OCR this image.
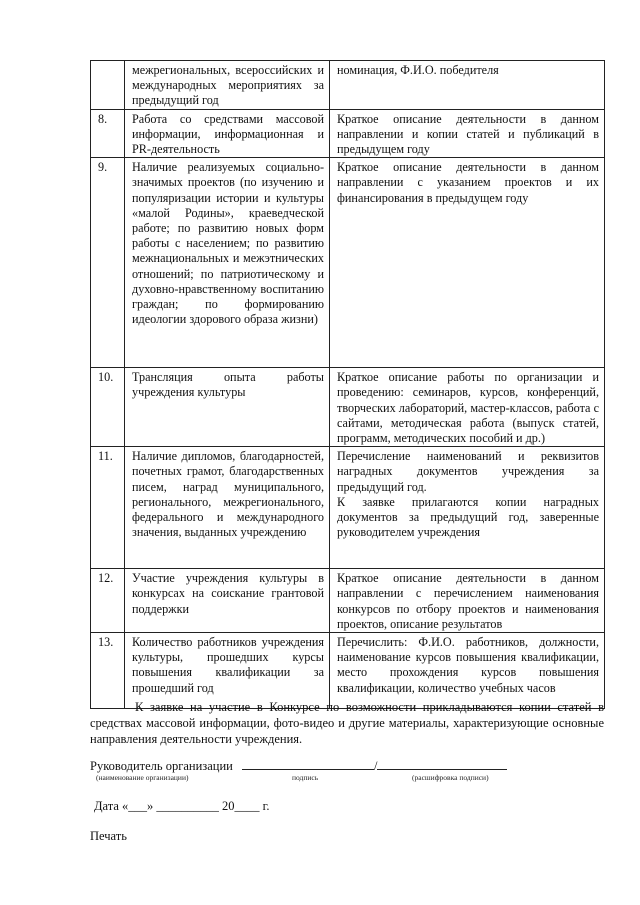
	межрегиональных, всероссийских и международных мероприятиях за предыдущий год	номинация, Ф.И.О. победителя
8.	Работа со средствами массовой информации, информационная и PR-деятельность	Краткое описание деятельности в данном направлении и копии статей и публикаций в предыдущем году
9.	Наличие реализуемых социально-значимых проектов (по изучению и популяризации истории и культуры «малой Родины», краеведческой работе; по развитию новых форм работы с населением; по развитию межнациональных и межэтнических отношений; по патриотическому и духовно-нравственному воспитанию граждан; по формированию идеологии здорового образа жизни)	Краткое описание деятельности в данном направлении с указанием проектов и их финансирования в предыдущем году
10.	Трансляция опыта работы учреждения культуры	Краткое описание работы по организации и проведению: семинаров, курсов, конференций, творческих лабораторий, мастер-классов, работа с сайтами, методическая работа (выпуск статей, программ, методических пособий и др.)
11.	Наличие дипломов, благодарностей, почетных грамот, благодарственных писем, наград муниципального, регионального, межрегионального, федерального и международного значения, выданных учреждению	Перечисление наименований и реквизитов наградных документов учреждения за предыдущий год.
К заявке прилагаются копии наградных документов за предыдущий год, заверенные руководителем учреждения
12.	Участие учреждения культуры в конкурсах на соискание грантовой поддержки	Краткое описание деятельности в данном направлении с перечислением наименования конкурсов по отбору проектов и наименования проектов, описание результатов
13.	Количество работников учреждения культуры, прошедших курсы повышения квалификации за прошедший год	Перечислить: Ф.И.О. работников, должности, наименование курсов повышения квалификации, место прохождения курсов повышения квалификации, количество учебных часов
К заявке на участие в Конкурсе по возможности прикладываются копии статей в средствах массовой информации, фото-видео и другие материалы, характеризующие основные направления деятельности учреждения.
Руководитель организации	/
(наименование организации)	подпись	(расшифровка подписи)
Дата «___» __________ 20____ г.
Печать
